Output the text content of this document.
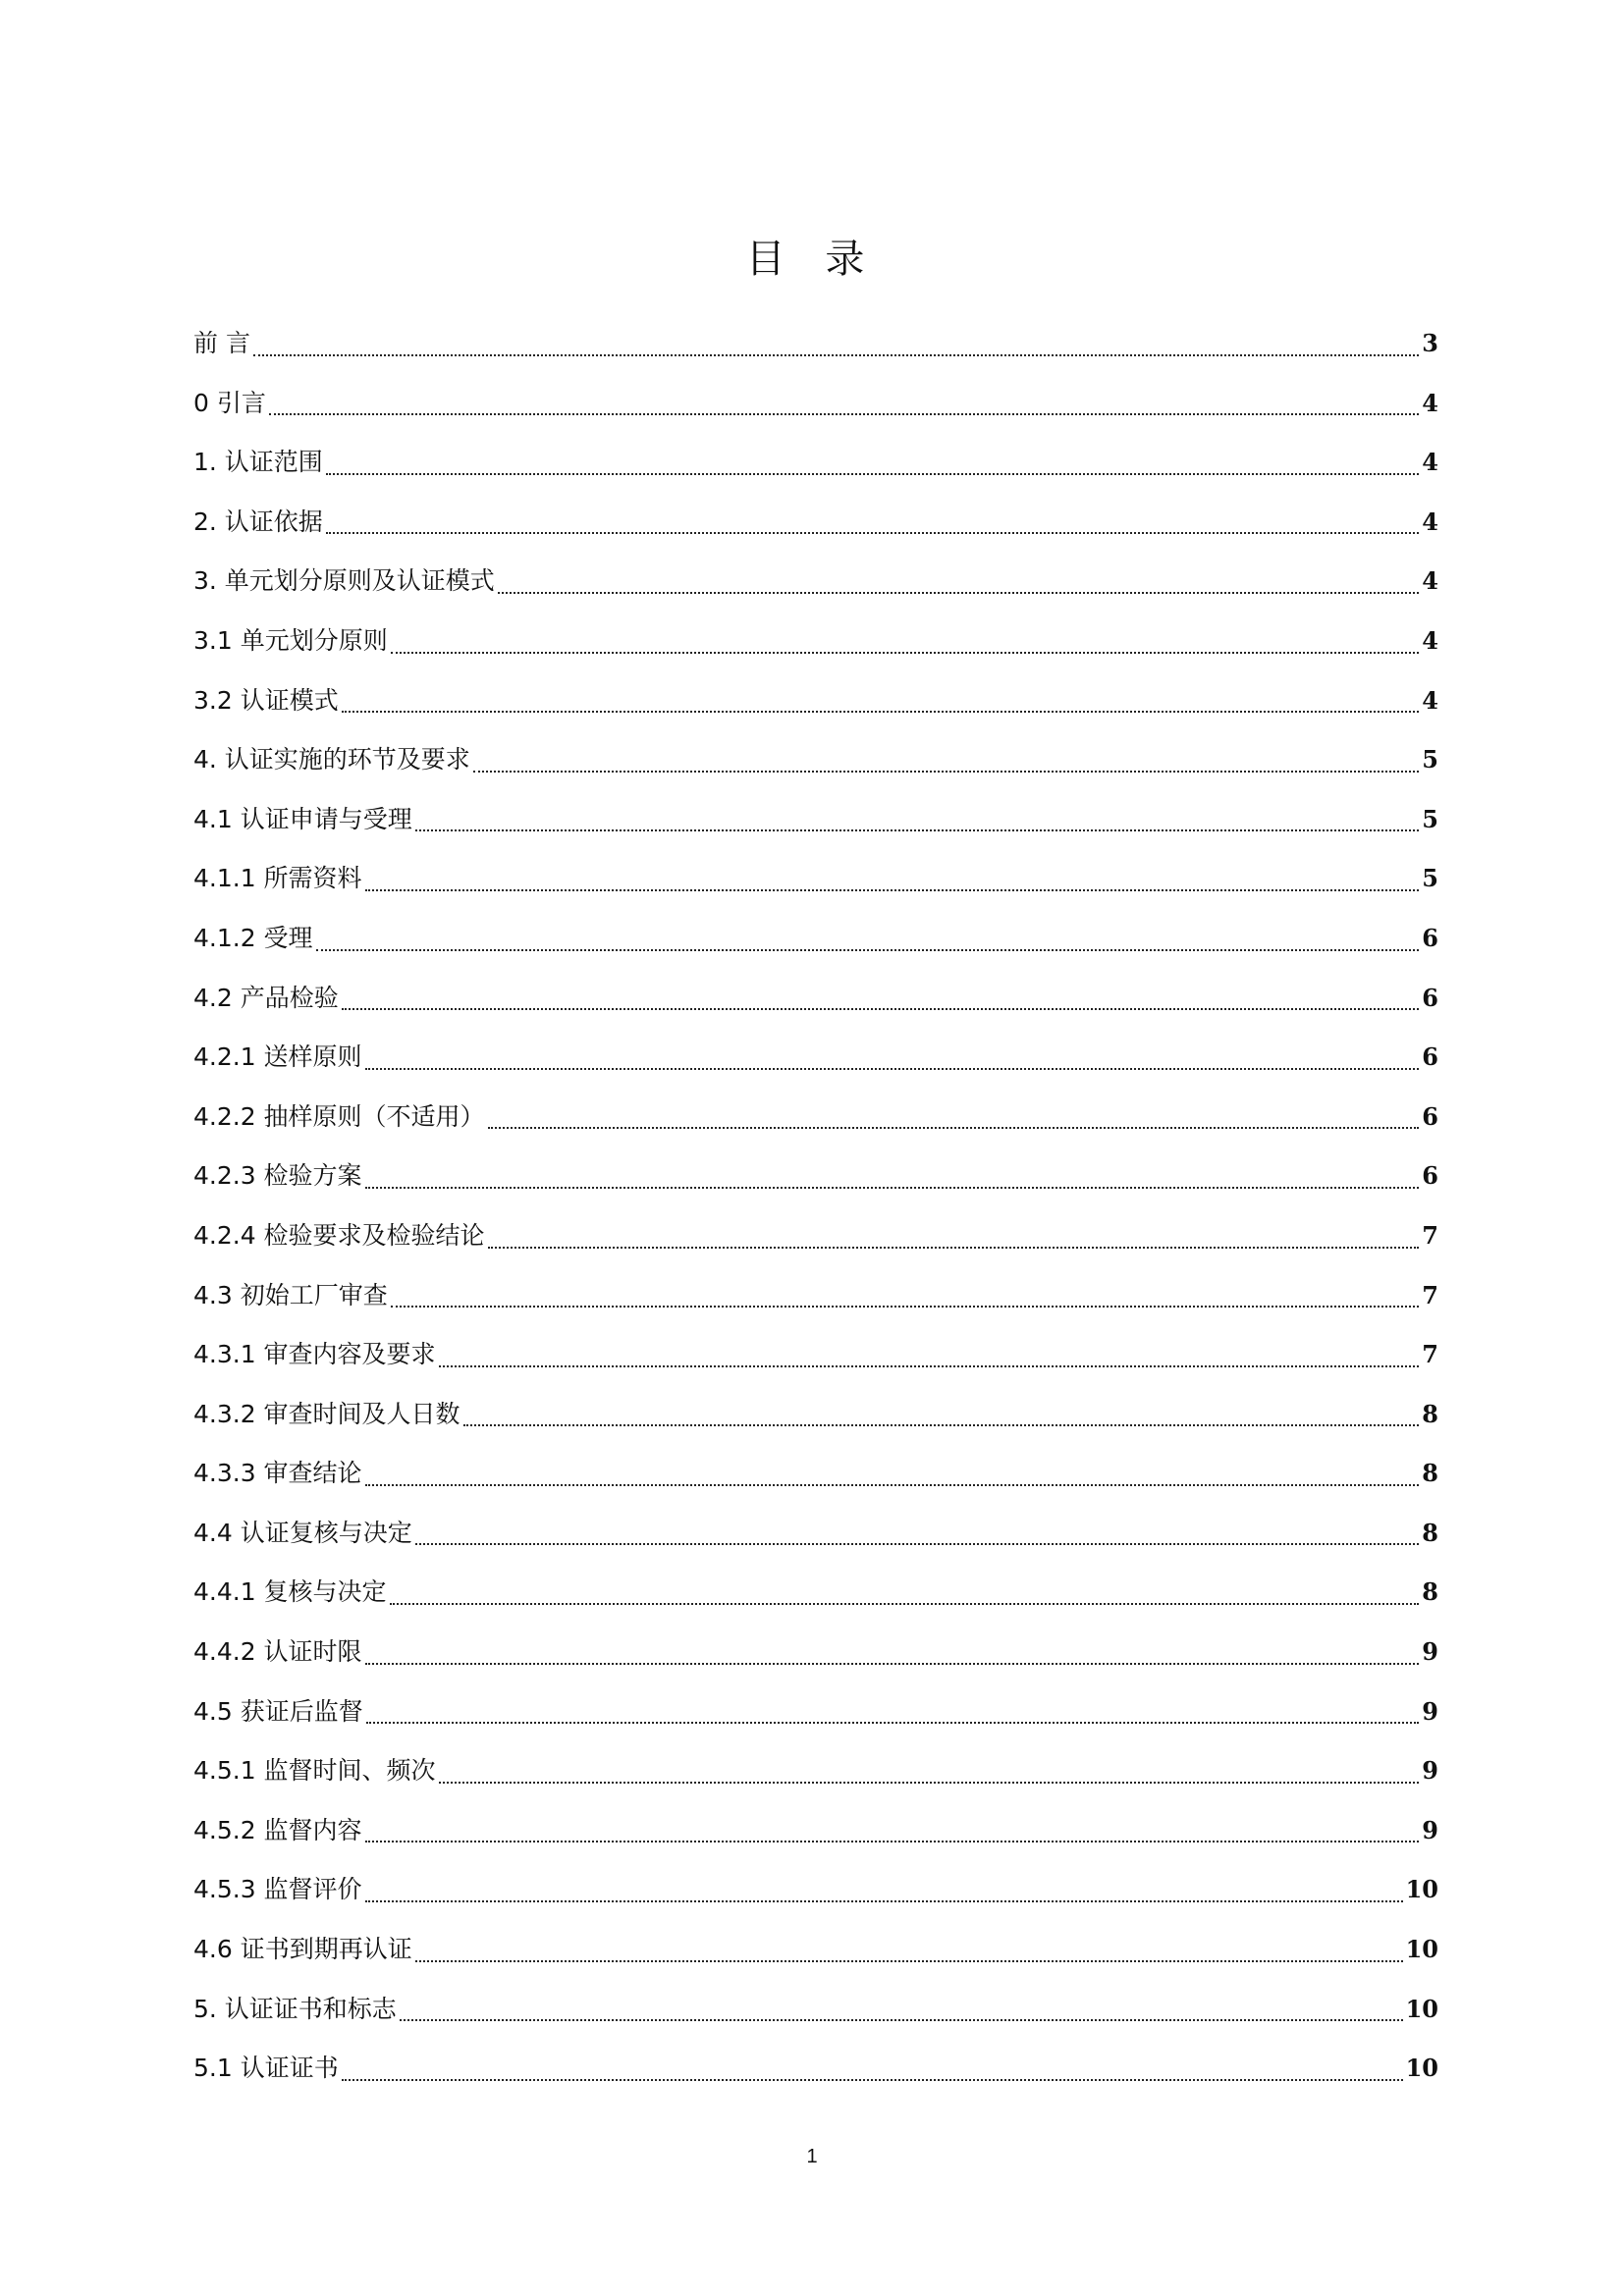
目 录
前 言	3
0 引言	4
1. 认证范围	4
2. 认证依据	4
3. 单元划分原则及认证模式	4
3.1 单元划分原则	4
3.2 认证模式	4
4. 认证实施的环节及要求	5
4.1 认证申请与受理	5
4.1.1 所需资料	5
4.1.2 受理	6
4.2 产品检验	6
4.2.1 送样原则	6
4.2.2 抽样原则（不适用）	6
4.2.3 检验方案	6
4.2.4 检验要求及检验结论	7
4.3 初始工厂审查	7
4.3.1 审查内容及要求	7
4.3.2 审查时间及人日数	8
4.3.3 审查结论	8
4.4 认证复核与决定	8
4.4.1 复核与决定	8
4.4.2 认证时限	9
4.5 获证后监督	9
4.5.1 监督时间、频次	9
4.5.2 监督内容	9
4.5.3 监督评价	10
4.6 证书到期再认证	10
5. 认证证书和标志	10
5.1 认证证书	10
1
